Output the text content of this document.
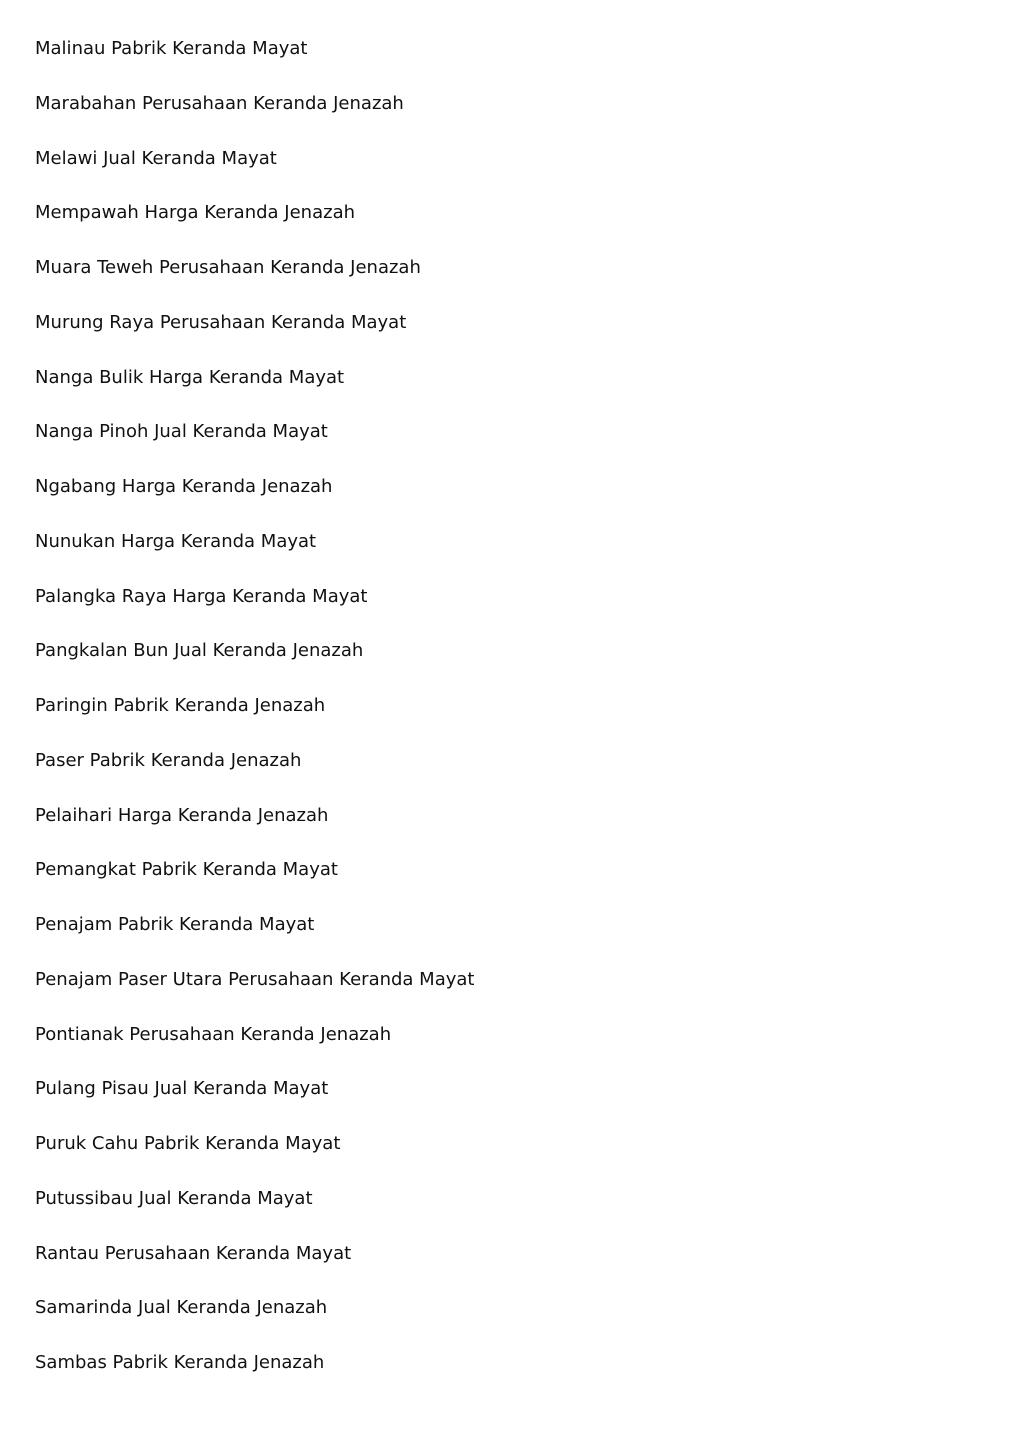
Malinau Pabrik Keranda Mayat
Marabahan Perusahaan Keranda Jenazah
Melawi Jual Keranda Mayat
Mempawah Harga Keranda Jenazah
Muara Teweh Perusahaan Keranda Jenazah
Murung Raya Perusahaan Keranda Mayat
Nanga Bulik Harga Keranda Mayat
Nanga Pinoh Jual Keranda Mayat
Ngabang Harga Keranda Jenazah
Nunukan Harga Keranda Mayat
Palangka Raya Harga Keranda Mayat
Pangkalan Bun Jual Keranda Jenazah
Paringin Pabrik Keranda Jenazah
Paser Pabrik Keranda Jenazah
Pelaihari Harga Keranda Jenazah
Pemangkat Pabrik Keranda Mayat
Penajam Pabrik Keranda Mayat
Penajam Paser Utara Perusahaan Keranda Mayat
Pontianak Perusahaan Keranda Jenazah
Pulang Pisau Jual Keranda Mayat
Puruk Cahu Pabrik Keranda Mayat
Putussibau Jual Keranda Mayat
Rantau Perusahaan Keranda Mayat
Samarinda Jual Keranda Jenazah
Sambas Pabrik Keranda Jenazah
